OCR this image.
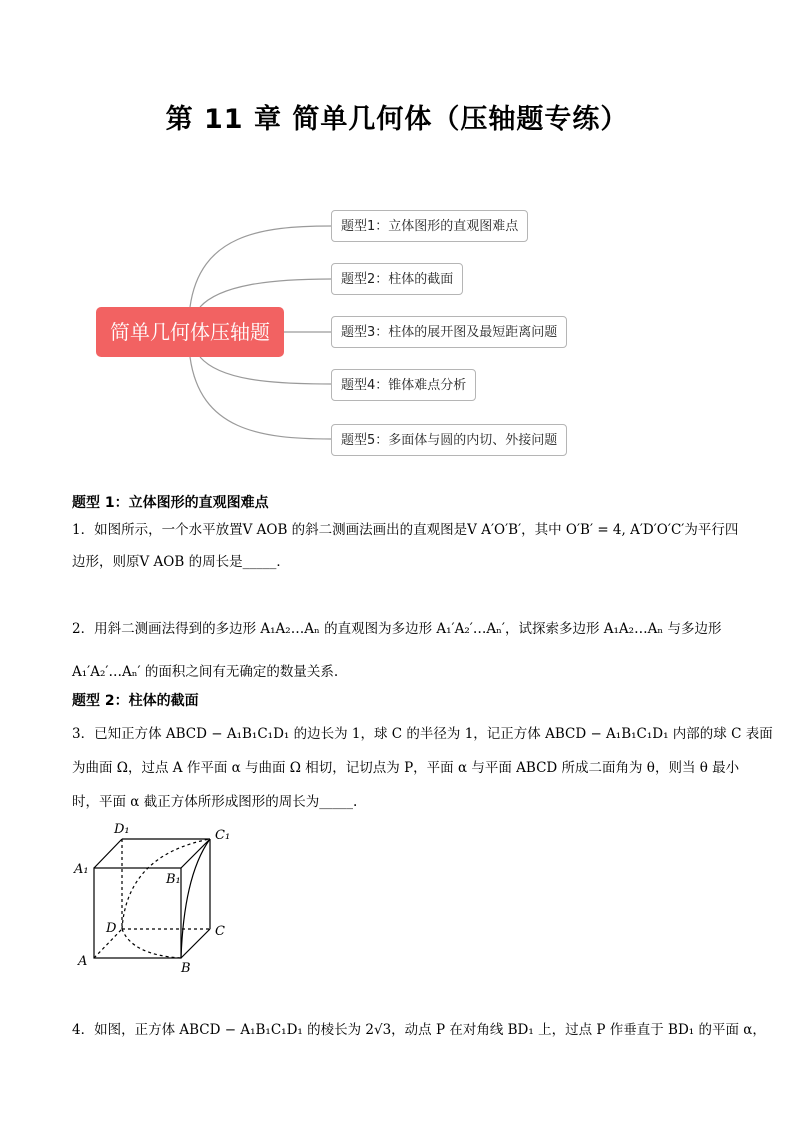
第 11 章 简单几何体（压轴题专练）
简单几何体压轴题
题型1：立体图形的直观图难点
题型2：柱体的截面
题型3：柱体的展开图及最短距离问题
题型4：锥体难点分析
题型5：多面体与圆的内切、外接问题
题型 1：立体图形的直观图难点
1．如图所示，一个水平放置V AOB 的斜二测画法画出的直观图是V A′O′B′，其中 O′B′ = 4, A′D′O′C′为平行四
边形，则原V AOB 的周长是_____．
2．用斜二测画法得到的多边形 A₁A₂…Aₙ 的直观图为多边形 A₁′A₂′…Aₙ′，试探索多边形 A₁A₂…Aₙ 与多边形
A₁′A₂′…Aₙ′ 的面积之间有无确定的数量关系.
题型 2：柱体的截面
3．已知正方体 ABCD − A₁B₁C₁D₁ 的边长为 1，球 C 的半径为 1，记正方体 ABCD − A₁B₁C₁D₁ 内部的球 C 表面
为曲面 Ω，过点 A 作平面 α 与曲面 Ω 相切，记切点为 P，平面 α 与平面 ABCD 所成二面角为 θ，则当 θ 最小
时，平面 α 截正方体所形成图形的周长为_____.
D₁	C₁
A₁
B₁
D	C
A	B
4．如图，正方体 ABCD − A₁B₁C₁D₁ 的棱长为 2√3，动点 P 在对角线 BD₁ 上，过点 P 作垂直于 BD₁ 的平面 α，
